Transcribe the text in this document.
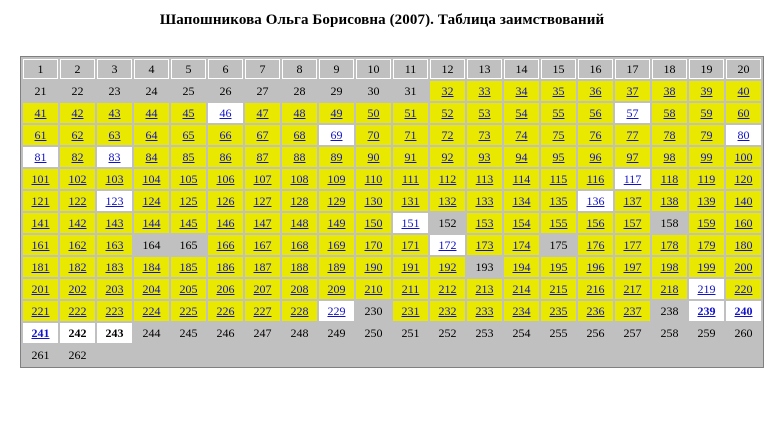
Шапошникова Ольга Борисовна (2007). Таблица заимствований
1	2	3	4	5	6	7	8	9	10	11	12	13	14	15	16	17	18	19	20
21	22	23	24	25	26	27	28	29	30	31	32	33	34	35	36	37	38	39	40
41	42	43	44	45	46	47	48	49	50	51	52	53	54	55	56	57	58	59	60
61	62	63	64	65	66	67	68	69	70	71	72	73	74	75	76	77	78	79	80
81	82	83	84	85	86	87	88	89	90	91	92	93	94	95	96	97	98	99	100
101	102	103	104	105	106	107	108	109	110	111	112	113	114	115	116	117	118	119	120
121	122	123	124	125	126	127	128	129	130	131	132	133	134	135	136	137	138	139	140
141	142	143	144	145	146	147	148	149	150	151	152	153	154	155	156	157	158	159	160
161	162	163	164	165	166	167	168	169	170	171	172	173	174	175	176	177	178	179	180
181	182	183	184	185	186	187	188	189	190	191	192	193	194	195	196	197	198	199	200
201	202	203	204	205	206	207	208	209	210	211	212	213	214	215	216	217	218	219	220
221	222	223	224	225	226	227	228	229	230	231	232	233	234	235	236	237	238	239	240
241	242	243	244	245	246	247	248	249	250	251	252	253	254	255	256	257	258	259	260
261	262																		
